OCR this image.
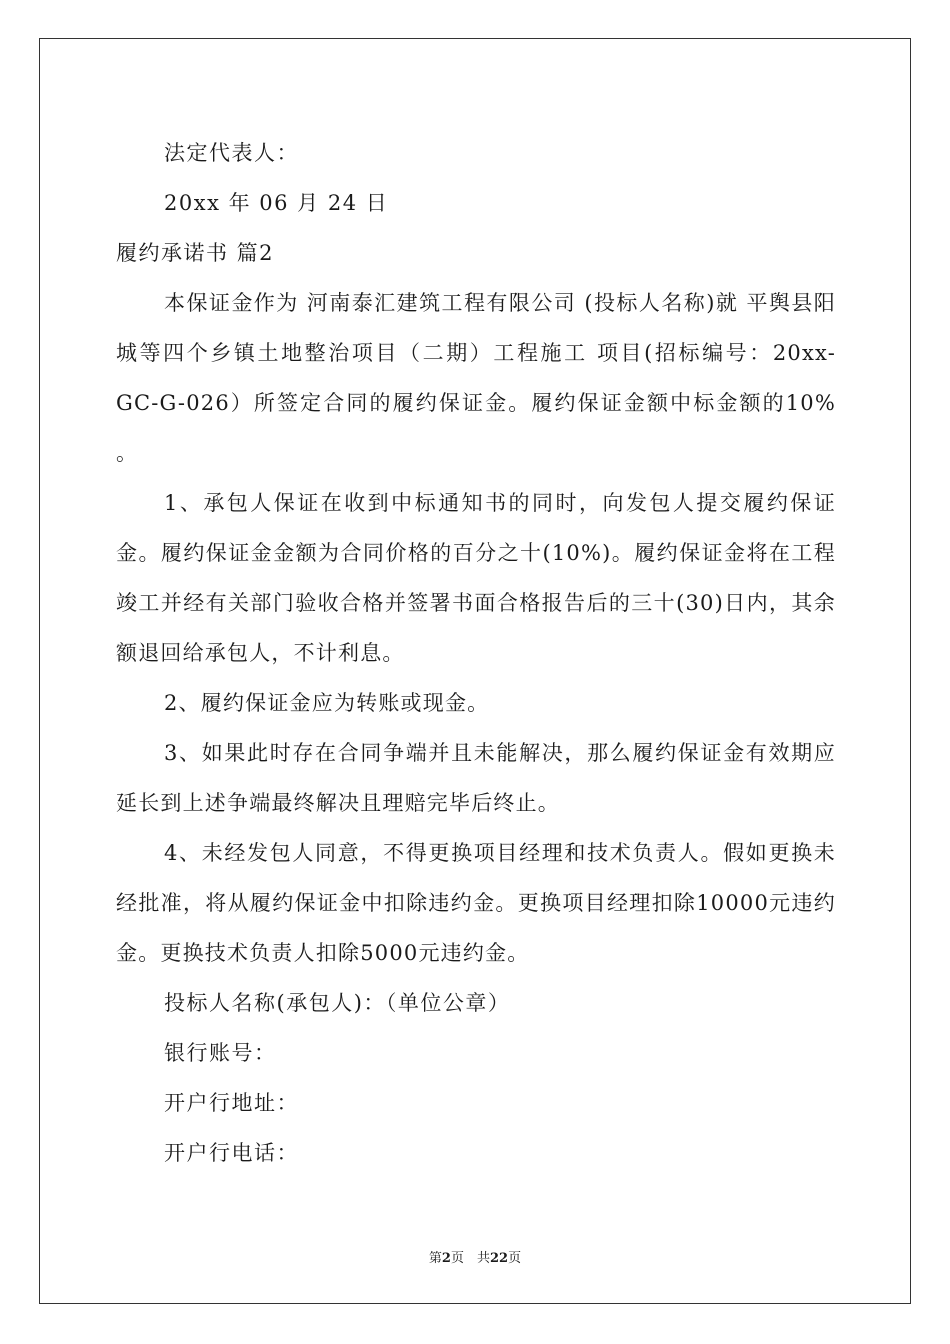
法定代表人：
20xx 年 06 月 24 日
履约承诺书 篇2

本保证金作为 河南泰汇建筑工程有限公司 (投标人名称)就 平舆县阳城等四个乡镇土地整治项目（二期）工程施工 项目(招标编号：20xx-GC-G-026）所签定合同的履约保证金。履约保证金额中标金额的10% 。

1、承包人保证在收到中标通知书的同时，向发包人提交履约保证金。履约保证金金额为合同价格的百分之十(10%)。履约保证金将在工程竣工并经有关部门验收合格并签署书面合格报告后的三十(30)日内，其余额退回给承包人，不计利息。

2、履约保证金应为转账或现金。

3、如果此时存在合同争端并且未能解决，那么履约保证金有效期应延长到上述争端最终解决且理赔完毕后终止。

4、未经发包人同意，不得更换项目经理和技术负责人。假如更换未经批准，将从履约保证金中扣除违约金。更换项目经理扣除10000元违约金。更换技术负责人扣除5000元违约金。

投标人名称(承包人)：（单位公章）
银行账号：
开户行地址：
开户行电话：
第2页　共22页
